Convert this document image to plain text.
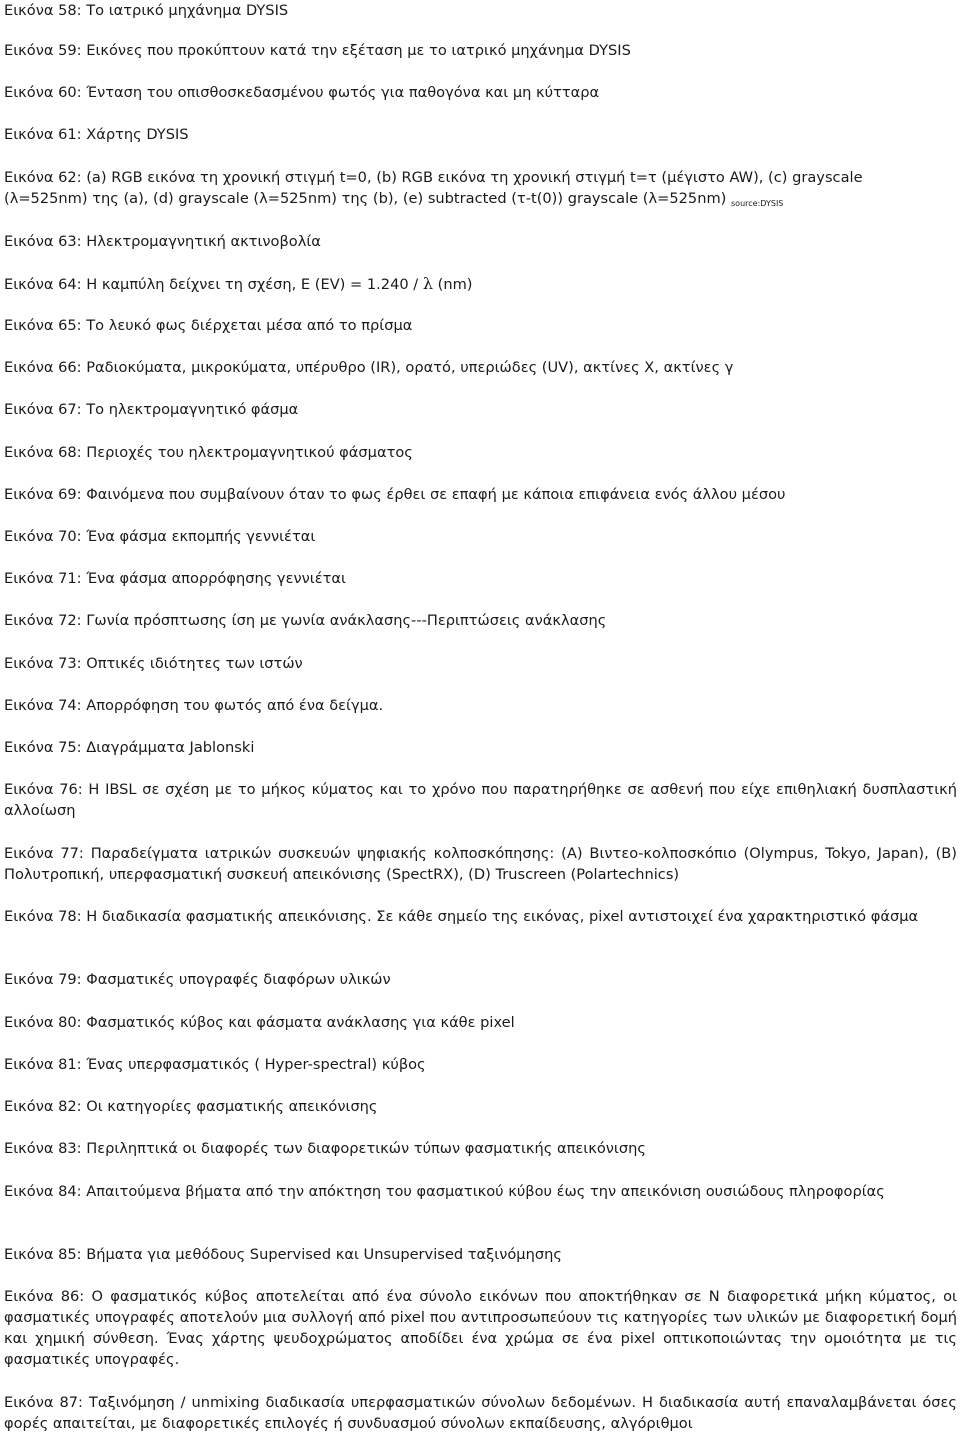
Εικόνα 58: Το ιατρικό μηχάνημα DYSIS
Εικόνα 59: Εικόνες που προκύπτουν κατά την εξέταση με το ιατρικό μηχάνημα DYSIS
Εικόνα 60: Ένταση του οπισθοσκεδασμένου φωτός για παθογόνα και μη κύτταρα
Εικόνα 61: Χάρτης DYSIS
Εικόνα 62: (a) RGB εικόνα τη χρονική στιγμή t=0, (b) RGB εικόνα τη χρονική στιγμή t=τ (μέγιστο AW), (c) grayscale
(λ=525nm) της (a), (d) grayscale (λ=525nm) της (b), (e) subtracted (τ-t(0)) grayscale (λ=525nm) $_{source:DYSIS}$
Εικόνα 63: Ηλεκτρομαγνητική ακτινοβολία
Εικόνα 64: Η καμπύλη δείχνει τη σχέση, E (EV) = 1.240 / λ (nm)
Εικόνα 65: Το λευκό φως διέρχεται μέσα από το πρίσμα
Εικόνα 66: Ραδιοκύματα, μικροκύματα, υπέρυθρο (IR), ορατό, υπεριώδες (UV), ακτίνες X, ακτίνες γ
Εικόνα 67: Το ηλεκτρομαγνητικό φάσμα
Εικόνα 68: Περιοχές του ηλεκτρομαγνητικού φάσματος
Εικόνα 69: Φαινόμενα που συμβαίνουν όταν το φως έρθει σε επαφή με κάποια επιφάνεια ενός άλλου μέσου
Εικόνα 70: Ένα φάσμα εκπομπής γεννιέται
Εικόνα 71: Ένα φάσμα απορρόφησης γεννιέται
Εικόνα 72: Γωνία πρόσπτωσης ίση με γωνία ανάκλασης---Περιπτώσεις ανάκλασης
Εικόνα 73: Οπτικές ιδιότητες των ιστών
Εικόνα 74: Απορρόφηση του φωτός από ένα δείγμα.
Εικόνα 75: Διαγράμματα Jablonski
Εικόνα 76: H IBSL σε σχέση με το μήκος κύματος και το χρόνο που παρατηρήθηκε σε ασθενή που είχε επιθηλιακή δυσπλαστική αλλοίωση
Εικόνα 77: Παραδείγματα ιατρικών συσκευών ψηφιακής κολποσκόπησης: (A) Βιντεο-κολποσκόπιο (Olympus, Tokyo, Japan), (B) Πολυτροπική, υπερφασματική συσκευή απεικόνισης (SpectRX), (D) Truscreen (Polartechnics)
Εικόνα 78: Η διαδικασία φασματικής απεικόνισης. Σε κάθε σημείο της εικόνας, pixel αντιστοιχεί ένα χαρακτηριστικό φάσμα
Εικόνα 79: Φασματικές υπογραφές διαφόρων υλικών
Εικόνα 80: Φασματικός κύβος και φάσματα ανάκλασης για κάθε pixel
Εικόνα 81: Ένας υπερφασματικός ( Hyper-spectral) κύβος
Εικόνα 82: Οι κατηγορίες φασματικής απεικόνισης
Εικόνα 83: Περιληπτικά οι διαφορές των διαφορετικών τύπων φασματικής απεικόνισης
Εικόνα 84: Απαιτούμενα βήματα από την απόκτηση του φασματικού κύβου έως την απεικόνιση ουσιώδους πληροφορίας
Εικόνα 85: Βήματα για μεθόδους Supervised και Unsupervised ταξινόμησης
Εικόνα 86: Ο φασματικός κύβος αποτελείται από ένα σύνολο εικόνων που αποκτήθηκαν σε N διαφορετικά μήκη κύματος, οι φασματικές υπογραφές αποτελούν μια συλλογή από pixel που αντιπροσωπεύουν τις κατηγορίες των υλικών με διαφορετική δομή και χημική σύνθεση. Ένας χάρτης ψευδοχρώματος αποδίδει ένα χρώμα σε ένα pixel οπτικοποιώντας την ομοιότητα με τις φασματικές υπογραφές.
Εικόνα 87: Ταξινόμηση / unmixing διαδικασία υπερφασματικών σύνολων δεδομένων. Η διαδικασία αυτή επαναλαμβάνεται όσες φορές απαιτείται, με διαφορετικές επιλογές ή συνδυασμού σύνολων εκπαίδευσης, αλγόριθμοι
